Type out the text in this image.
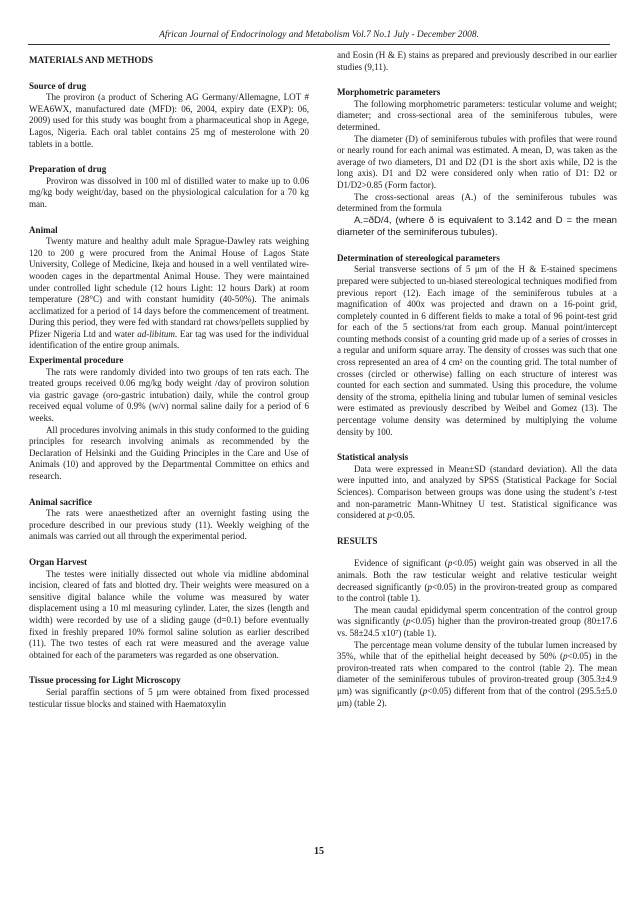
African Journal of Endocrinology and Metabolism Vol.7 No.1 July - December 2008.
MATERIALS AND METHODS
Source of drug

The proviron (a product of Schering AG Germany/Allemagne, LOT # WEA6WX, manufactured date (MFD): 06, 2004, expiry date (EXP): 06, 2009) used for this study was bought from a pharmaceutical shop in Agege, Lagos, Nigeria. Each oral tablet contains 25 mg of mesterolone with 20 tablets in a bottle.

Preparation of drug

Proviron was dissolved in 100 ml of distilled water to make up to 0.06 mg/kg body weight/day, based on the physiological calculation for a 70 kg man.

Animal

Twenty mature and healthy adult male Sprague-Dawley rats weighing 120 to 200 g were procured from the Animal House of Lagos State University, College of Medicine, Ikeja and housed in a well ventilated wire-wooden cages in the departmental Animal House. They were maintained under controlled light schedule (12 hours Light: 12 hours Dark) at room temperature (28°C) and with constant humidity (40-50%). The animals acclimatized for a period of 14 days before the commencement of treatment. During this period, they were fed with standard rat chows/pellets supplied by Pfizer Nigeria Ltd and water ad-libitum. Ear tag was used for the individual identification of the entire group animals.

Experimental procedure

The rats were randomly divided into two groups of ten rats each. The treated groups received 0.06 mg/kg body weight /day of proviron solution via gastric gavage (oro-gastric intubation) daily, while the control group received equal volume of 0.9% (w/v) normal saline daily for a period of 6 weeks.

All procedures involving animals in this study conformed to the guiding principles for research involving animals as recommended by the Declaration of Helsinki and the Guiding Principles in the Care and Use of Animals (10) and approved by the Departmental Committee on ethics and research.

Animal sacrifice

The rats were anaesthetized after an overnight fasting using the procedure described in our previous study (11). Weekly weighing of the animals was carried out all through the experimental period.

Organ Harvest

The testes were initially dissected out whole via midline abdominal incision, cleared of fats and blotted dry. Their weights were measured on a sensitive digital balance while the volume was measured by water displacement using a 10 ml measuring cylinder. Later, the sizes (length and width) were recorded by use of a sliding gauge (d=0.1) before eventually fixed in freshly prepared 10% formol saline solution as earlier described (11). The two testes of each rat were measured and the average value obtained for each of the parameters was regarded as one observation.

Tissue processing for Light Microscopy

Serial paraffin sections of 5 μm were obtained from fixed processed testicular tissue blocks and stained with Haematoxylin

and Eosin (H & E) stains as prepared and previously described in our earlier studies (9,11).

Morphometric parameters

The following morphometric parameters: testicular volume and weight; diameter; and cross-sectional area of the seminiferous tubules, were determined.

The diameter (D) of seminiferous tubules with profiles that were round or nearly round for each animal was estimated. A mean, D, was taken as the average of two diameters, D1 and D2 (D1 is the short axis while, D2 is the long axis). D1 and D2 were considered only when ratio of D1: D2 or D1/D2>0.85 (Form factor).

The cross-sectional areas (A.) of the seminiferous tubules was determined from the formula

A.=ðD/4, (where ð is equivalent to 3.142 and D = the mean diameter of the seminiferous tubules).

Determination of stereological parameters

Serial transverse sections of 5 μm of the H & E-stained specimens prepared were subjected to un-biased stereological techniques modified from previous report (12). Each image of the seminiferous tubules at a magnification of 400x was projected and drawn on a 16-point grid, completely counted in 6 different fields to make a total of 96 point-test grid for each of the 5 sections/rat from each group. Manual point/intercept counting methods consist of a counting grid made up of a series of crosses in a regular and uniform square array. The density of crosses was such that one cross represented an area of 4 cm² on the counting grid. The total number of crosses (circled or otherwise) falling on each structure of interest was counted for each section and summated. Using this procedure, the volume density of the stroma, epithelia lining and tubular lumen of seminal vesicles were estimated as previously described by Weibel and Gomez (13). The percentage volume density was determined by multiplying the volume density by 100.

Statistical analysis

Data were expressed in Mean±SD (standard deviation). All the data were inputted into, and analyzed by SPSS (Statistical Package for Social Sciences). Comparison between groups was done using the student’s t-test and non-parametric Mann-Whitney U test. Statistical significance was considered at p<0.05.

RESULTS

Evidence of significant (p<0.05) weight gain was observed in all the animals. Both the raw testicular weight and relative testicular weight decreased significantly (p<0.05) in the proviron-treated group as compared to the control (table 1).

The mean caudal epididymal sperm concentration of the control group was significantly (p<0.05) higher than the proviron-treated group (80±17.6 vs. 58±24.5 x10⁷) (table 1).

The percentage mean volume density of the tubular lumen increased by 35%, while that of the epithelial height deceased by 50% (p<0.05) in the proviron-treated rats when compared to the control (table 2). The mean diameter of the seminiferous tubules of proviron-treated group (305.3±4.9 μm) was significantly (p<0.05) different from that of the control (295.5±5.0 μm) (table 2).

15
